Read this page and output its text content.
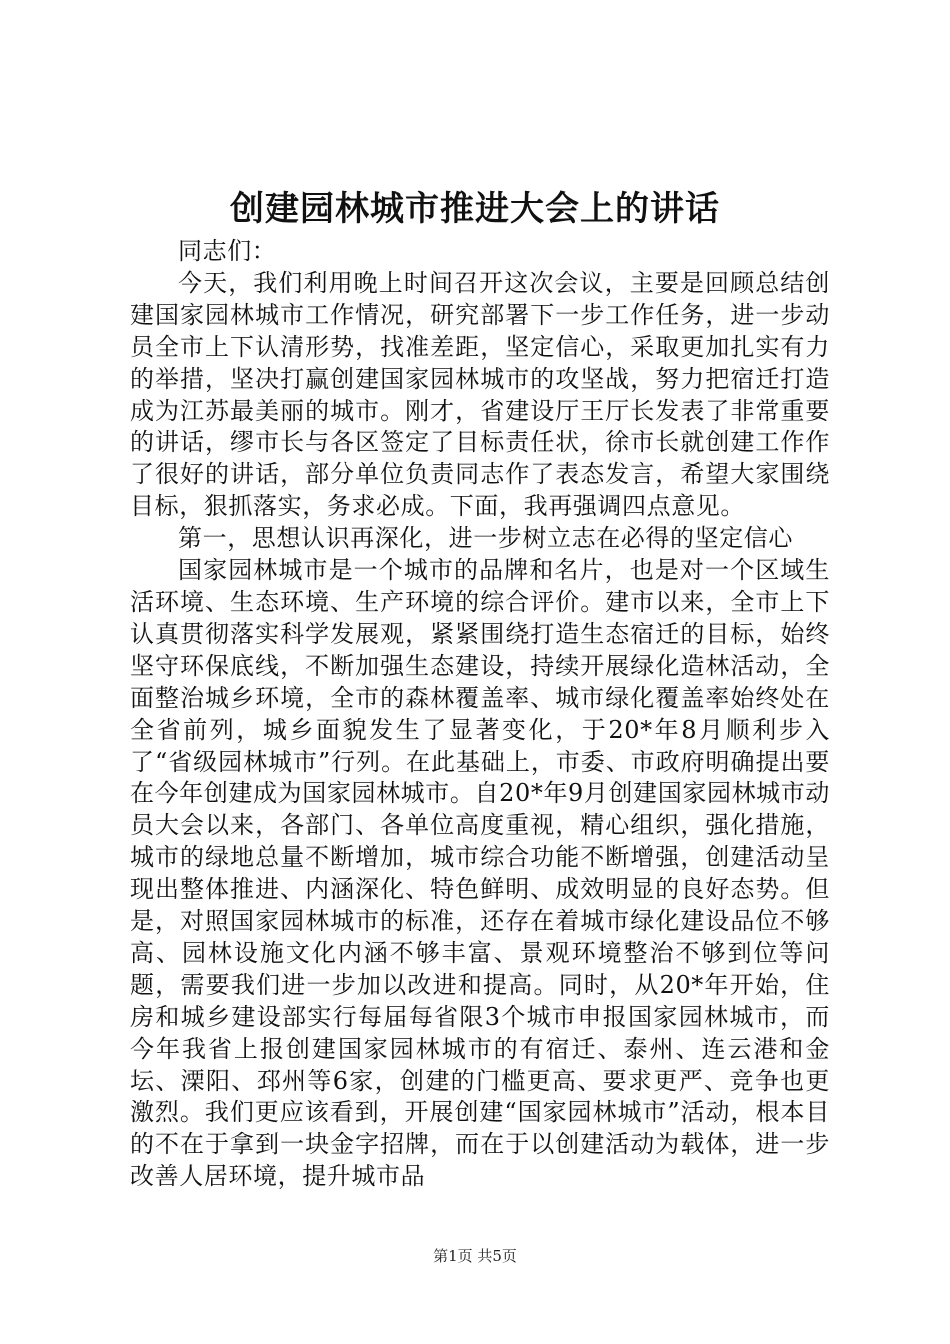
创建园林城市推进大会上的讲话

同志们：

今天，我们利用晚上时间召开这次会议，主要是回顾总结创建国家园林城市工作情况，研究部署下一步工作任务，进一步动员全市上下认清形势，找准差距，坚定信心，采取更加扎实有力的举措，坚决打赢创建国家园林城市的攻坚战，努力把宿迁打造成为江苏最美丽的城市。刚才，省建设厅王厅长发表了非常重要的讲话，缪市长与各区签定了目标责任状，徐市长就创建工作作了很好的讲话，部分单位负责同志作了表态发言，希望大家围绕目标，狠抓落实，务求必成。下面，我再强调四点意见。

第一，思想认识再深化，进一步树立志在必得的坚定信心

国家园林城市是一个城市的品牌和名片，也是对一个区域生活环境、生态环境、生产环境的综合评价。建市以来，全市上下认真贯彻落实科学发展观，紧紧围绕打造生态宿迁的目标，始终坚守环保底线，不断加强生态建设，持续开展绿化造林活动，全面整治城乡环境，全市的森林覆盖率、城市绿化覆盖率始终处在全省前列，城乡面貌发生了显著变化，于20*年8月顺利步入了“省级园林城市”行列。在此基础上，市委、市政府明确提出要在今年创建成为国家园林城市。自20*年9月创建国家园林城市动员大会以来，各部门、各单位高度重视，精心组织，强化措施，城市的绿地总量不断增加，城市综合功能不断增强，创建活动呈现出整体推进、内涵深化、特色鲜明、成效明显的良好态势。但是，对照国家园林城市的标准，还存在着城市绿化建设品位不够高、园林设施文化内涵不够丰富、景观环境整治不够到位等问题，需要我们进一步加以改进和提高。同时，从20*年开始，住房和城乡建设部实行每届每省限3个城市申报国家园林城市，而今年我省上报创建国家园林城市的有宿迁、泰州、连云港和金坛、溧阳、邳州等6家，创建的门槛更高、要求更严、竞争也更激烈。我们更应该看到，开展创建“国家园林城市”活动，根本目的不在于拿到一块金字招牌，而在于以创建活动为载体，进一步改善人居环境，提升城市品

第1页 共5页
